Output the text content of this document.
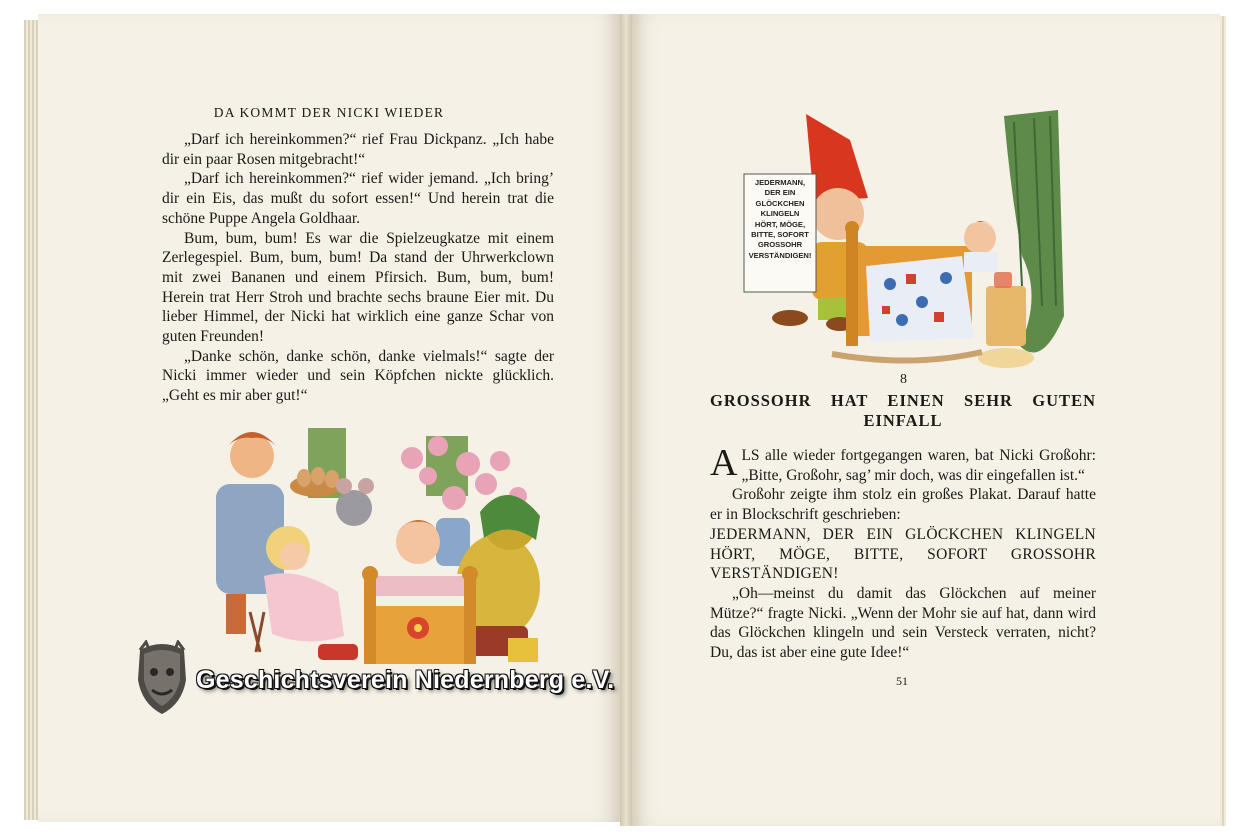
DA KOMMT DER NICKI WIEDER

„Darf ich hereinkommen?“ rief Frau Dickpanz. „Ich habe dir ein paar Rosen mitgebracht!“

„Darf ich hereinkommen?“ rief wider jemand. „Ich bring’ dir ein Eis, das mußt du sofort essen!“ Und herein trat die schöne Puppe Angela Goldhaar.

Bum, bum, bum! Es war die Spielzeugkatze mit einem Zerlegespiel. Bum, bum, bum! Da stand der Uhrwerkclown mit zwei Bananen und einem Pfirsich. Bum, bum, bum! Herein trat Herr Stroh und brachte sechs braune Eier mit. Du lieber Himmel, der Nicki hat wirklich eine ganze Schar von guten Freunden!

„Danke schön, danke schön, danke vielmals!“ sagte der Nicki immer wieder und sein Köpfchen nickte glücklich. „Geht es mir aber gut!“

Geschichtsverein Niedernberg e.V.
JEDERMANN,
DER EIN
GLÖCKCHEN
KLINGELN
HÖRT, MÖGE,
BITTE, SOFORT
GROSSOHR
VERSTÄNDIGEN!
8
GROSSOHR HAT EINEN SEHR GUTEN
EINFALL

ALS alle wieder fortgegangen waren, bat Nicki Großohr: „Bitte, Großohr, sag’ mir doch, was dir eingefallen ist.“

Großohr zeigte ihm stolz ein großes Plakat. Darauf hatte er in Blockschrift geschrieben:

JEDERMANN, DER EIN GLÖCKCHEN KLINGELN HÖRT, MÖGE, BITTE, SOFORT GROSSOHR VERSTÄNDIGEN!

„Oh—meinst du damit das Glöckchen auf meiner Mütze?“ fragte Nicki. „Wenn der Mohr sie auf hat, dann wird das Glöckchen klingeln und sein Versteck verraten, nicht? Du, das ist aber eine gute Idee!“

51
